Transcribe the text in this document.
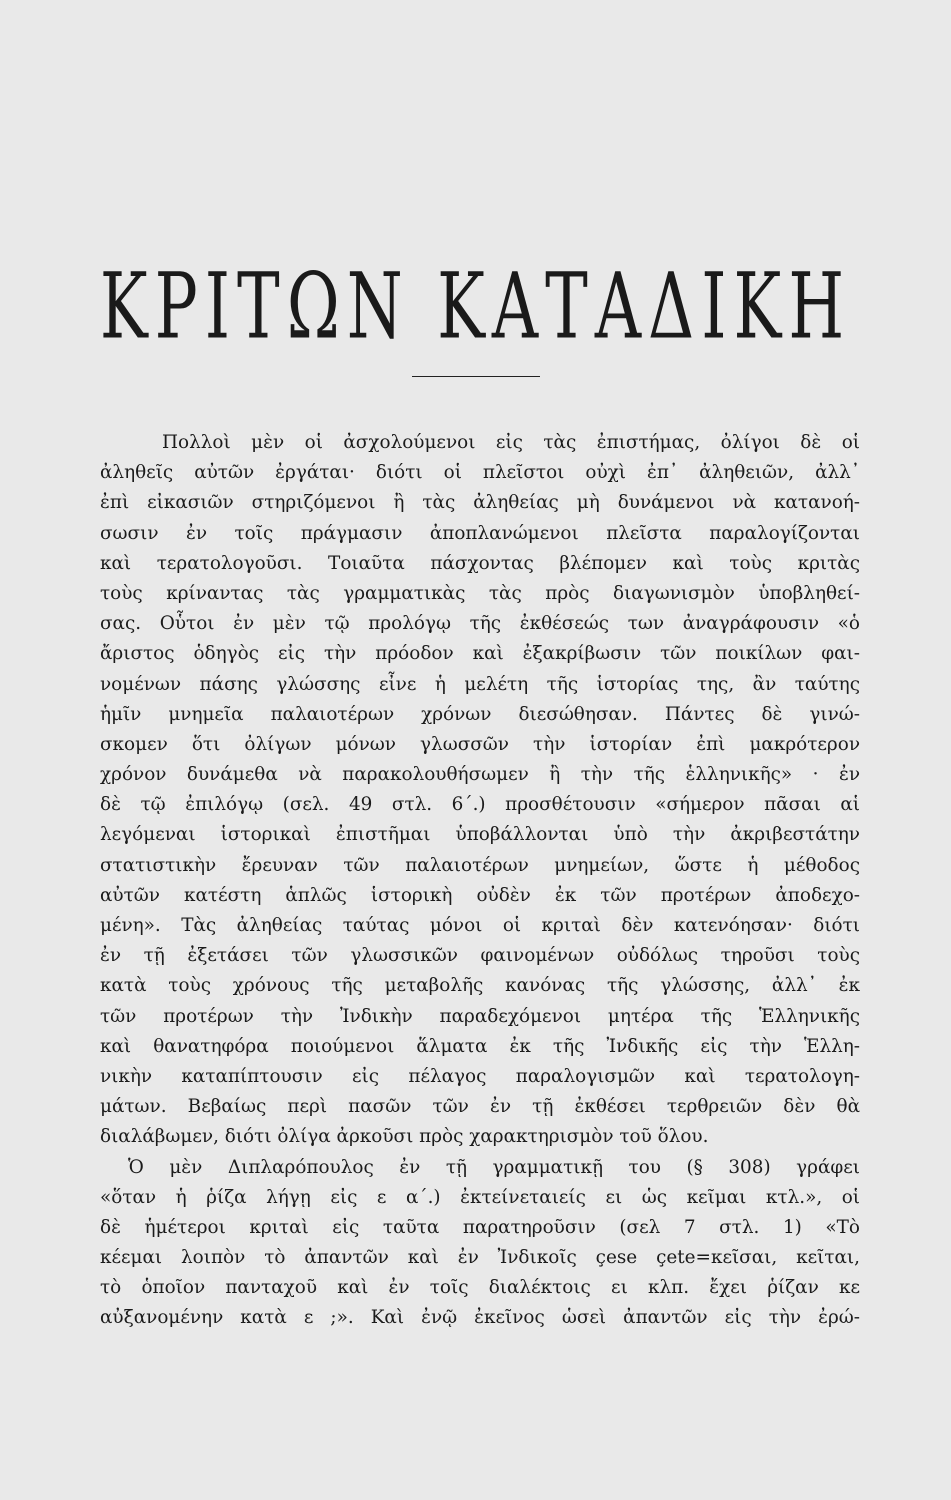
ΚΡΙΤΩΝ ΚΑΤΑΔΙΚΗ
Πολλοὶ μὲν οἱ ἀσχολούμενοι εἰς τὰς ἐπιστήμας, ὀλίγοι δὲ οἱ
ἀληθεῖς αὐτῶν ἐργάται· διότι οἱ πλεῖστοι οὐχὶ ἐπ᾽ ἀληθειῶν, ἀλλ᾽
ἐπὶ εἰκασιῶν στηριζόμενοι ἢ τὰς ἀληθείας μὴ δυνάμενοι νὰ κατανοή-
σωσιν ἐν τοῖς πράγμασιν ἀποπλανώμενοι πλεῖστα παραλογίζονται
καὶ τερατολογοῦσι. Τοιαῦτα πάσχοντας βλέπομεν καὶ τοὺς κριτὰς
τοὺς κρίναντας τὰς γραμματικὰς τὰς πρὸς διαγωνισμὸν ὑποβληθεί-
σας. Οὗτοι ἐν μὲν τῷ προλόγῳ τῆς ἐκθέσεώς των ἀναγράφουσιν «ὁ
ἄριστος ὁδηγὸς εἰς τὴν πρόοδον καὶ ἐξακρίβωσιν τῶν ποικίλων φαι-
νομένων πάσης γλώσσης εἶνε ἡ μελέτη τῆς ἱστορίας της, ἂν ταύτης
ἡμῖν μνημεῖα παλαιοτέρων χρόνων διεσώθησαν. Πάντες δὲ γινώ-
σκομεν ὅτι ὀλίγων μόνων γλωσσῶν τὴν ἱστορίαν ἐπὶ μακρότερον
χρόνον δυνάμεθα νὰ παρακολουθήσωμεν ἢ τὴν τῆς ἑλληνικῆς» · ἐν
δὲ τῷ ἐπιλόγῳ (σελ. 49 στλ. 6΄.) προσθέτουσιν «σήμερον πᾶσαι αἱ
λεγόμεναι ἱστορικαὶ ἐπιστῆμαι ὑποβάλλονται ὑπὸ τὴν ἀκριβεστάτην
στατιστικὴν ἔρευναν τῶν παλαιοτέρων μνημείων, ὥστε ἡ μέθοδος
αὐτῶν κατέστη ἁπλῶς ἱστορικὴ οὐδὲν ἐκ τῶν προτέρων ἀποδεχο-
μένη». Τὰς ἀληθείας ταύτας μόνοι οἱ κριταὶ δὲν κατενόησαν· διότι
ἐν τῇ ἐξετάσει τῶν γλωσσικῶν φαινομένων οὐδόλως τηροῦσι τοὺς
κατὰ τοὺς χρόνους τῆς μεταβολῆς κανόνας τῆς γλώσσης, ἀλλ᾽ ἐκ
τῶν προτέρων τὴν Ἰνδικὴν παραδεχόμενοι μητέρα τῆς Ἑλληνικῆς
καὶ θανατηφόρα ποιούμενοι ἅλματα ἐκ τῆς Ἰνδικῆς εἰς τὴν Ἑλλη-
νικὴν καταπίπτουσιν εἰς πέλαγος παραλογισμῶν καὶ τερατολογη-
μάτων. Βεβαίως περὶ πασῶν τῶν ἐν τῇ ἐκθέσει τερθρειῶν δὲν θὰ
διαλάβωμεν, διότι ὀλίγα ἀρκοῦσι πρὸς χαρακτηρισμὸν τοῦ ὅλου.
Ὁ μὲν Διπλαρόπουλος ἐν τῇ γραμματικῇ του (§ 308) γράφει
«ὅταν ἡ ῥίζα λήγῃ εἰς ε α΄.) ἐκτείνεταιείς ει ὡς κεῖμαι κτλ.», οἱ
δὲ ἡμέτεροι κριταὶ εἰς ταῦτα παρατηροῦσιν (σελ 7 στλ. 1) «Τὸ
κέεμαι λοιπὸν τὸ ἀπαντῶν καὶ ἐν Ἰνδικοῖς çese çete=κεῖσαι, κεῖται,
τὸ ὁποῖον πανταχοῦ καὶ ἐν τοῖς διαλέκτοις ει κλπ. ἔχει ῥίζαν κε
αὐξανομένην κατὰ ε ;». Καὶ ἐνῷ ἐκεῖνος ὡσεὶ ἀπαντῶν εἰς τὴν ἐρώ-
